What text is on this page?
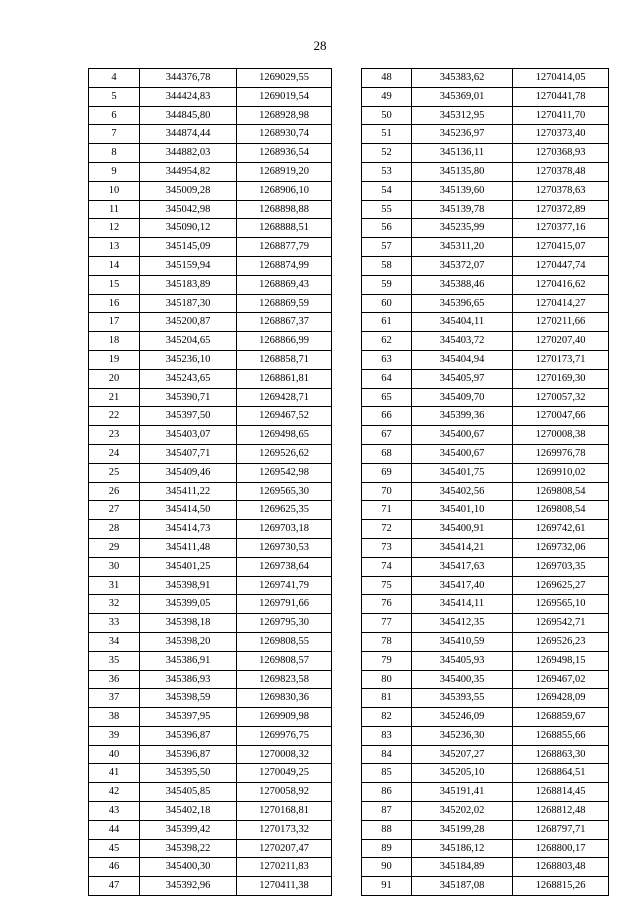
28
4	344376,78	1269029,55
5	344424,83	1269019,54
6	344845,80	1268928,98
7	344874,44	1268930,74
8	344882,03	1268936,54
9	344954,82	1268919,20
10	345009,28	1268906,10
11	345042,98	1268898,88
12	345090,12	1268888,51
13	345145,09	1268877,79
14	345159,94	1268874,99
15	345183,89	1268869,43
16	345187,30	1268869,59
17	345200,87	1268867,37
18	345204,65	1268866,99
19	345236,10	1268858,71
20	345243,65	1268861,81
21	345390,71	1269428,71
22	345397,50	1269467,52
23	345403,07	1269498,65
24	345407,71	1269526,62
25	345409,46	1269542,98
26	345411,22	1269565,30
27	345414,50	1269625,35
28	345414,73	1269703,18
29	345411,48	1269730,53
30	345401,25	1269738,64
31	345398,91	1269741,79
32	345399,05	1269791,66
33	345398,18	1269795,30
34	345398,20	1269808,55
35	345386,91	1269808,57
36	345386,93	1269823,58
37	345398,59	1269830,36
38	345397,95	1269909,98
39	345396,87	1269976,75
40	345396,87	1270008,32
41	345395,50	1270049,25
42	345405,85	1270058,92
43	345402,18	1270168,81
44	345399,42	1270173,32
45	345398,22	1270207,47
46	345400,30	1270211,83
47	345392,96	1270411,38
48	345383,62	1270414,05
49	345369,01	1270441,78
50	345312,95	1270411,70
51	345236,97	1270373,40
52	345136,11	1270368,93
53	345135,80	1270378,48
54	345139,60	1270378,63
55	345139,78	1270372,89
56	345235,99	1270377,16
57	345311,20	1270415,07
58	345372,07	1270447,74
59	345388,46	1270416,62
60	345396,65	1270414,27
61	345404,11	1270211,66
62	345403,72	1270207,40
63	345404,94	1270173,71
64	345405,97	1270169,30
65	345409,70	1270057,32
66	345399,36	1270047,66
67	345400,67	1270008,38
68	345400,67	1269976,78
69	345401,75	1269910,02
70	345402,56	1269808,54
71	345401,10	1269808,54
72	345400,91	1269742,61
73	345414,21	1269732,06
74	345417,63	1269703,35
75	345417,40	1269625,27
76	345414,11	1269565,10
77	345412,35	1269542,71
78	345410,59	1269526,23
79	345405,93	1269498,15
80	345400,35	1269467,02
81	345393,55	1269428,09
82	345246,09	1268859,67
83	345236,30	1268855,66
84	345207,27	1268863,30
85	345205,10	1268864,51
86	345191,41	1268814,45
87	345202,02	1268812,48
88	345199,28	1268797,71
89	345186,12	1268800,17
90	345184,89	1268803,48
91	345187,08	1268815,26
